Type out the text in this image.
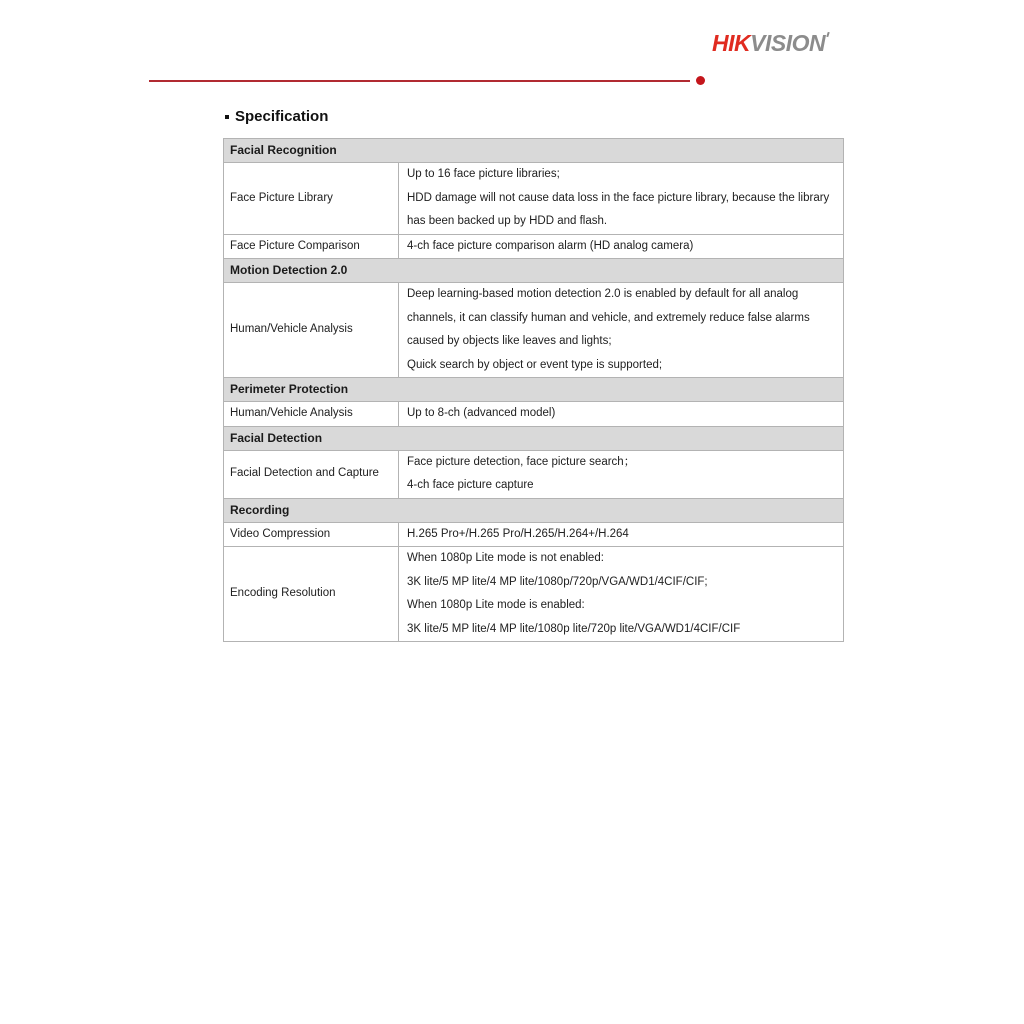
HIKVISION
Specification
Facial Recognition	
Face Picture Library	Up to 16 face picture libraries;

HDD damage will not cause data loss in the face picture library, because the library has been backed up by HDD and flash.

Face Picture Comparison	4-ch face picture comparison alarm (HD analog camera)

Motion Detection 2.0	
Human/Vehicle Analysis	Deep learning-based motion detection 2.0 is enabled by default for all analog channels, it can classify human and vehicle, and extremely reduce false alarms caused by objects like leaves and lights;

Quick search by object or event type is supported;

Perimeter Protection	
Human/Vehicle Analysis	Up to 8-ch (advanced model)

Facial Detection	
Facial Detection and Capture	Face picture detection, face picture search；

4-ch face picture capture

Recording	
Video Compression	H.265 Pro+/H.265 Pro/H.265/H.264+/H.264

Encoding Resolution	When 1080p Lite mode is not enabled:

3K lite/5 MP lite/4 MP lite/1080p/720p/VGA/WD1/4CIF/CIF;

When 1080p Lite mode is enabled:

3K lite/5 MP lite/4 MP lite/1080p lite/720p lite/VGA/WD1/4CIF/CIF
